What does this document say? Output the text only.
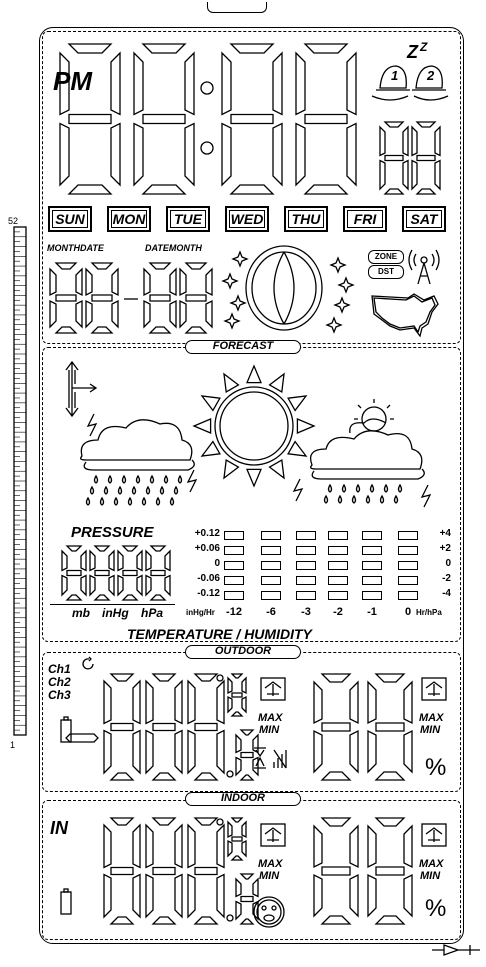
52
1
PM
Z Z
1 2
SUN MON TUE WED THU	FRI	SAT
MONTHDATE	DATEMONTH
ZONE
DST
FORECAST
PRESSURE
mb inHg hPa
+0.12	+4
+0.06	+2
0	0
-0.06	-2
-0.12	-4
-12	-6	-3	-2	-1	0
inHg/Hr	Hr/hPa
TEMPERATURE / HUMIDITY
OUTDOOR
Ch1
Ch2
Ch3
MAX
MIN
MAX
MIN
%
INDOOR
IN
MAX
MIN
MAX
MIN
%
